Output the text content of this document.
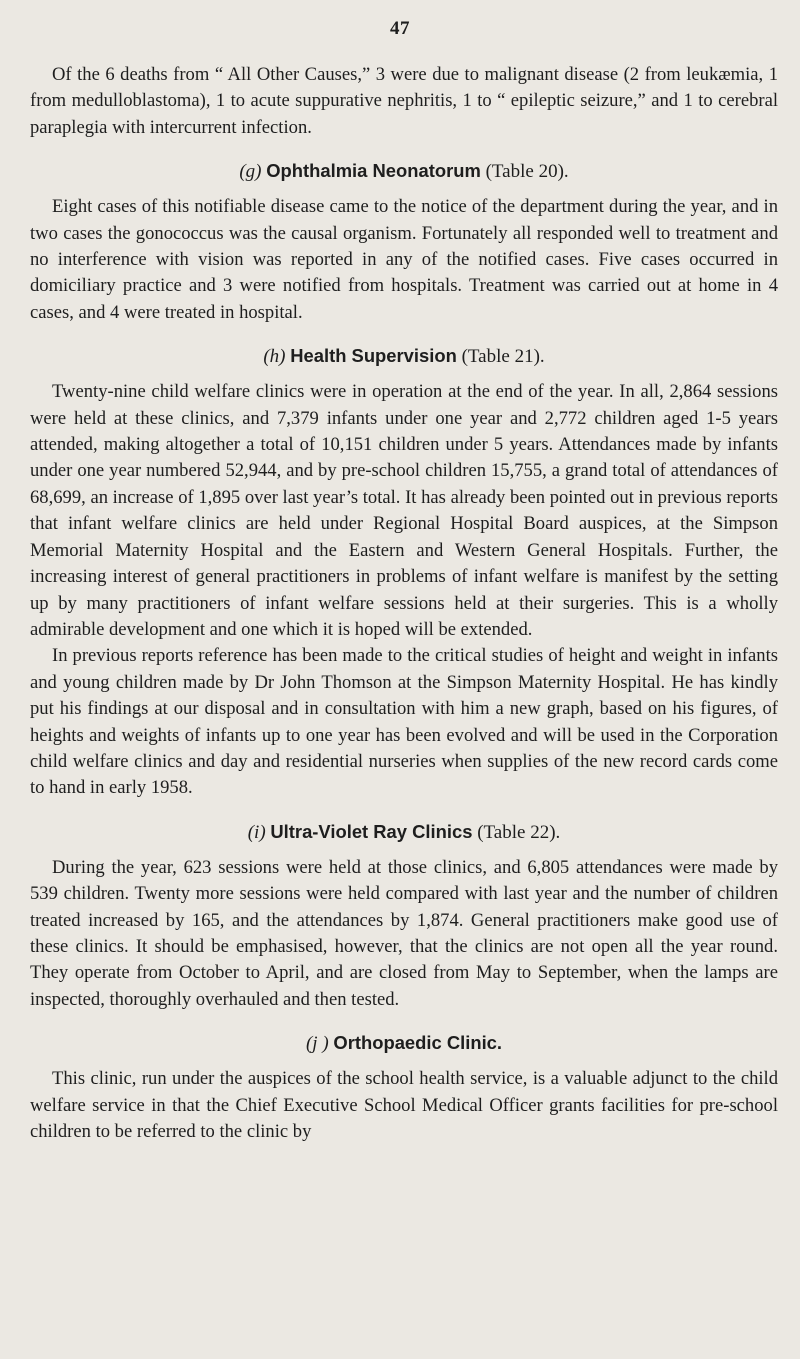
47

Of the 6 deaths from “ All Other Causes,” 3 were due to malignant disease (2 from leukæmia, 1 from medulloblastoma), 1 to acute suppurative nephritis, 1 to “ epileptic seizure,” and 1 to cerebral paraplegia with intercurrent infection.

(g) Ophthalmia Neonatorum (Table 20).

Eight cases of this notifiable disease came to the notice of the department during the year, and in two cases the gonococcus was the causal organism. Fortunately all responded well to treatment and no interference with vision was reported in any of the notified cases. Five cases occurred in domiciliary practice and 3 were notified from hospitals. Treatment was carried out at home in 4 cases, and 4 were treated in hospital.

(h) Health Supervision (Table 21).

Twenty-nine child welfare clinics were in operation at the end of the year. In all, 2,864 sessions were held at these clinics, and 7,379 infants under one year and 2,772 children aged 1-5 years attended, making altogether a total of 10,151 children under 5 years. Attendances made by infants under one year numbered 52,944, and by pre-school children 15,755, a grand total of attendances of 68,699, an increase of 1,895 over last year’s total. It has already been pointed out in previous reports that infant welfare clinics are held under Regional Hospital Board auspices, at the Simpson Memorial Maternity Hospital and the Eastern and Western General Hospitals. Further, the increasing interest of general practitioners in problems of infant welfare is manifest by the setting up by many practitioners of infant welfare sessions held at their surgeries. This is a wholly admirable development and one which it is hoped will be extended.

In previous reports reference has been made to the critical studies of height and weight in infants and young children made by Dr John Thomson at the Simpson Maternity Hospital. He has kindly put his findings at our disposal and in consultation with him a new graph, based on his figures, of heights and weights of infants up to one year has been evolved and will be used in the Corporation child welfare clinics and day and residential nurseries when supplies of the new record cards come to hand in early 1958.

(i) Ultra-Violet Ray Clinics (Table 22).

During the year, 623 sessions were held at those clinics, and 6,805 attendances were made by 539 children. Twenty more sessions were held compared with last year and the number of children treated increased by 165, and the attendances by 1,874. General practitioners make good use of these clinics. It should be emphasised, however, that the clinics are not open all the year round. They operate from October to April, and are closed from May to September, when the lamps are inspected, thoroughly overhauled and then tested.

(j ) Orthopaedic Clinic.

This clinic, run under the auspices of the school health service, is a valuable adjunct to the child welfare service in that the Chief Executive School Medical Officer grants facilities for pre-school children to be referred to the clinic by
